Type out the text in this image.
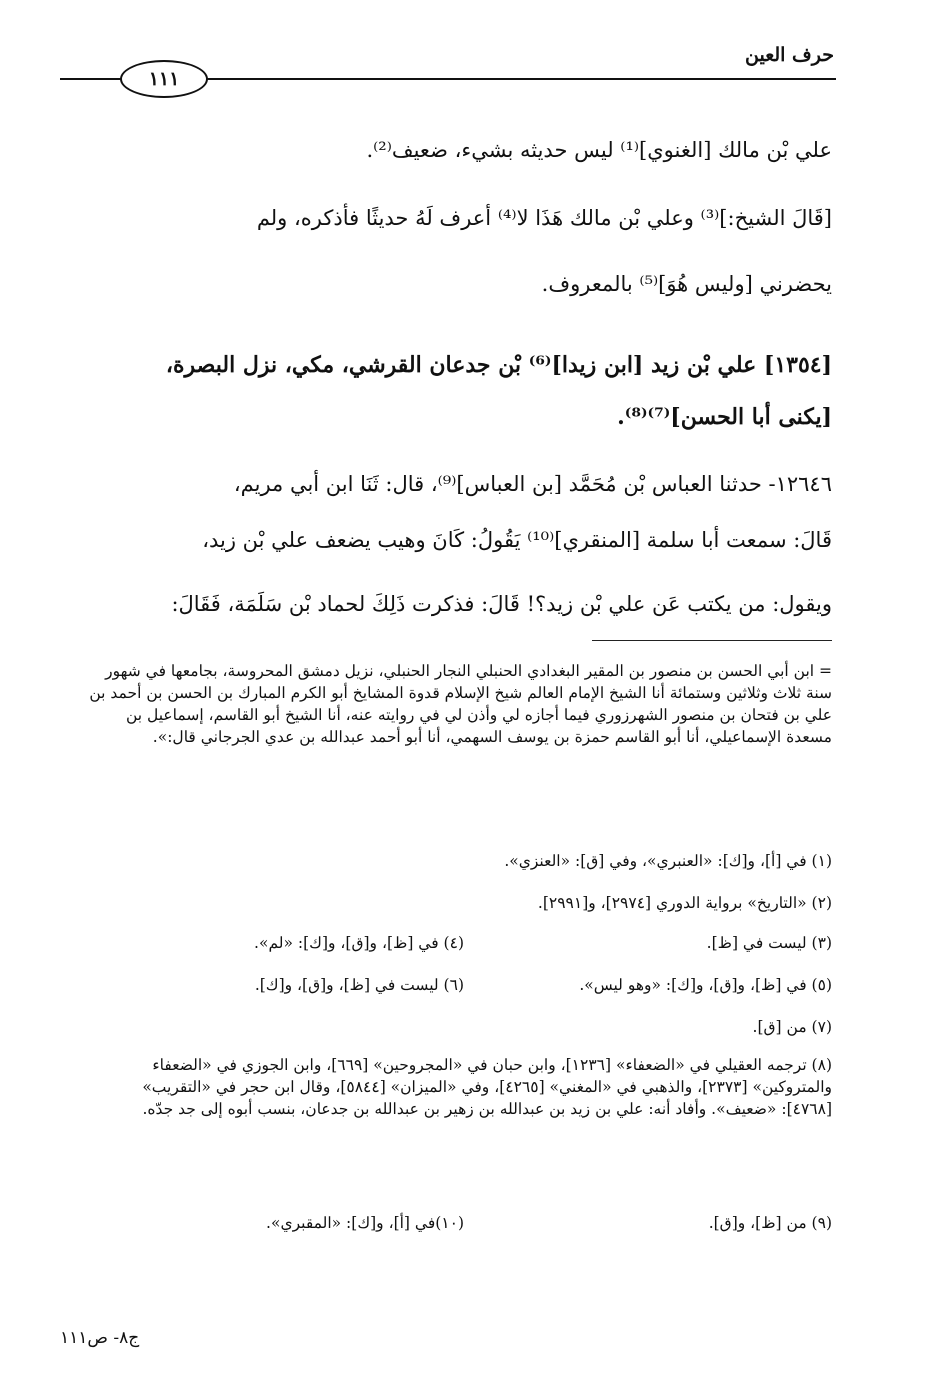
حرف العين
١١١
علي بْن مالك [الغنوي]⁽¹⁾ ليس حديثه بشيء، ضعيف⁽²⁾.
[قَالَ الشيخ:]⁽³⁾ وعلي بْن مالك هَذَا لا⁽⁴⁾ أعرف لَهُ حديثًا فأذكره، ولم
يحضرني [وليس هُوَ]⁽⁵⁾ بالمعروف.
[١٣٥٤] علي بْن زيد [ابن زيدا]⁽⁶⁾ بْن جدعان القرشي، مكي، نزل البصرة،
[يكنى أبا الحسن]⁽⁷⁾⁽⁸⁾.
١٢٦٤٦- حدثنا العباس بْن مُحَمَّد [بن العباس]⁽⁹⁾، قال: ثَنَا ابن أبي مريم،
قَالَ: سمعت أبا سلمة [المنقري]⁽¹⁰⁾ يَقُولُ: كَانَ وهيب يضعف علي بْن زيد،
ويقول: من يكتب عَن علي بْن زيد؟! قَالَ: فذكرت ذَلِكَ لحماد بْن سَلَمَة، فَقَالَ:
= ابن أبي الحسن بن منصور بن المقير البغدادي الحنبلي النجار الحنبلي، نزيل دمشق المحروسة، بجامعها في شهور سنة ثلاث وثلاثين وستمائة أنا الشيخ الإمام العالم شيخ الإسلام قدوة المشايخ أبو الكرم المبارك بن الحسن بن أحمد بن علي بن فتحان بن منصور الشهرزوري فيما أجازه لي وأذن لي في روايته عنه، أنا الشيخ أبو القاسم، إسماعيل بن مسعدة الإسماعيلي، أنا أبو القاسم حمزة بن يوسف السهمي، أنا أبو أحمد عبدالله بن عدي الجرجاني قال:».
(١) في [أ]، و[ك]: «العنبري»، وفي [ق]: «العنزي».
(٢) «التاريخ» برواية الدوري [٢٩٧٤]، و[٢٩٩١].
(٣) ليست في [ظ].
(٤) في [ظ]، و[ق]، و[ك]: «لم».
(٥) في [ظ]، و[ق]، و[ك]: «وهو ليس».
(٦) ليست في [ظ]، و[ق]، و[ك].
(٧) من [ق].
(٨) ترجمه العقيلي في «الضعفاء» [١٢٣٦]، وابن حبان في «المجروحين» [٦٦٩]، وابن الجوزي في «الضعفاء والمتروكين» [٢٣٧٣]، والذهبي في «المغني» [٤٢٦٥]، وفي «الميزان» [٥٨٤٤]، وقال ابن حجر في «التقريب» [٤٧٦٨]: «ضعيف». وأفاد أنه: علي بن زيد بن عبدالله بن زهير بن عبدالله بن جدعان، بنسب أبوه إلى جد جدّه.
(٩) من [ظ]، و[ق].
(١٠)في [أ]، و[ك]: «المقبري».
ج٨- ص١١١
